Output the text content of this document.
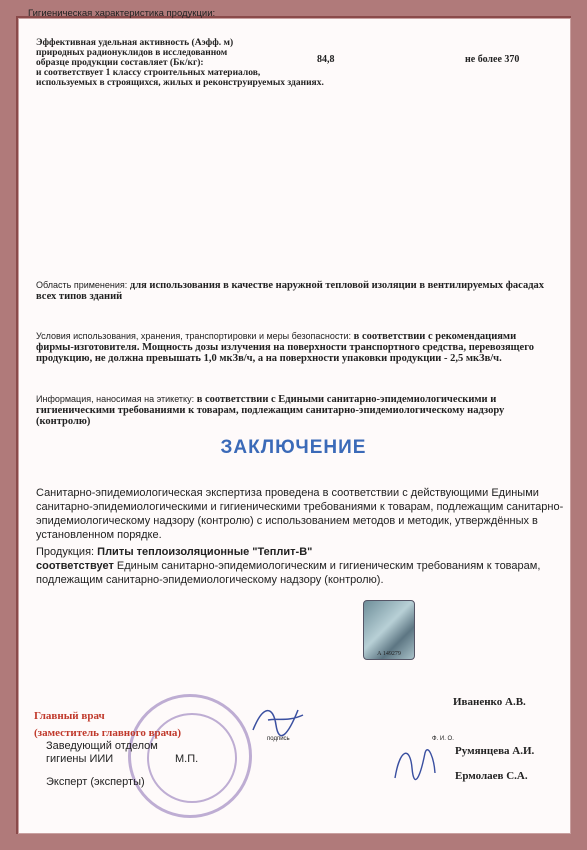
Гигиеническая характеристика продукции:
Эффективная удельная активность (Аэфф. м)
природных радионуклидов в исследованном
образце продукции составляет (Бк/кг):
и соответствует 1 классу строительных материалов,
используемых в строящихся, жилых и реконструируемых зданиях.
84,8	не более 370
Область применения: для использования в качестве наружной тепловой изоляции в вентилируемых фасадах всех типов зданий
Условия использования, хранения, транспортировки и меры безопасности: в соответствии с рекомендациями фирмы-изготовителя. Мощность дозы излучения на поверхности транспортного средства, перевозящего продукцию, не должна превышать 1,0 мкЗв/ч, а на поверхности упаковки продукции - 2,5 мкЗв/ч.
Информация, наносимая на этикетку: в соответствии с Едиными санитарно-эпидемиологическими и гигиеническими требованиями к товарам, подлежащим санитарно-эпидемиологическому надзору (контролю)
ЗАКЛЮЧЕНИЕ
Санитарно-эпидемиологическая экспертиза проведена в соответствии с действующими Едиными санитарно-эпидемиологическими и гигиеническими требованиями к товарам, подлежащим санитарно-эпидемиологическому надзору (контролю) с использованием методов и методик, утверждённых в установленном порядке.
Продукция: Плиты теплоизоляционные "Теплит-В"
соответствует Единым санитарно-эпидемиологическим и гигиеническим требованиям к товарам, подлежащим санитарно-эпидемиологическому надзору (контролю).
А 149279
Главный врач
(заместитель главного врача)
Заведующий отделом
гигиены ИИИ	М.П.
Эксперт (эксперты)
подпись	Ф. И. О.
Иваненко А.В.
Румянцева А.И.
Ермолаев С.А.
